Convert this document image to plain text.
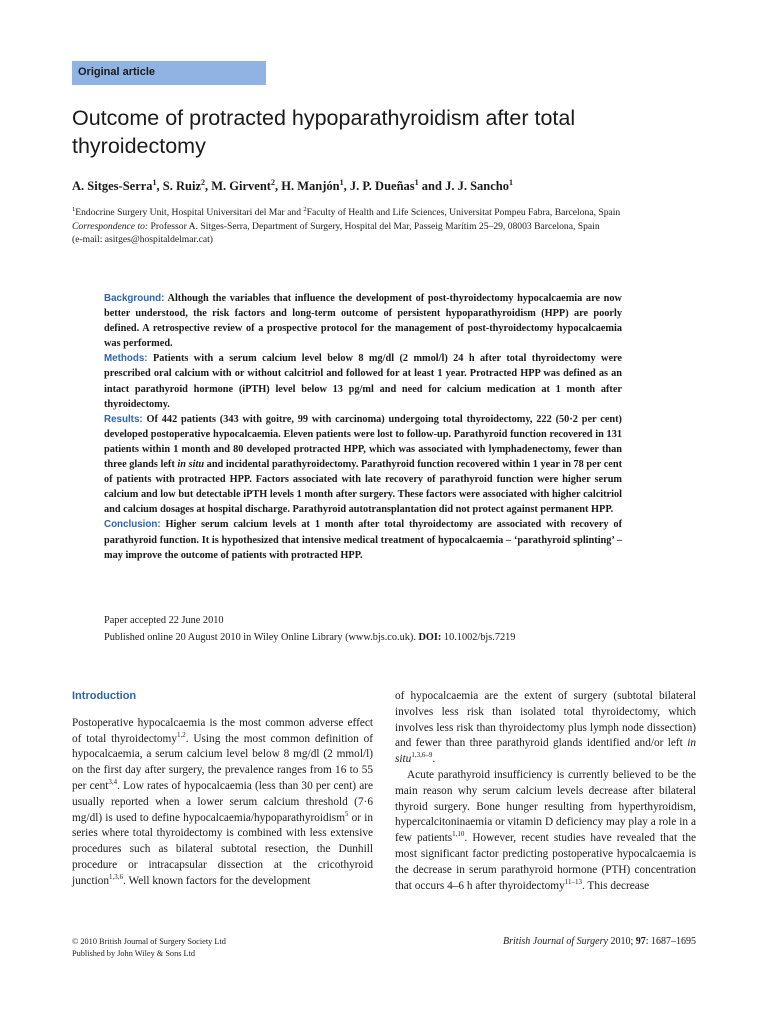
Original article
Outcome of protracted hypoparathyroidism after total thyroidectomy

A. Sitges-Serra$^1$, S. Ruiz$^2$, M. Girvent$^2$, H. Manjón$^1$, J. P. Dueñas$^1$ and J. J. Sancho$^1$

$^1$Endocrine Surgery Unit, Hospital Universitari del Mar and $^2$Faculty of Health and Life Sciences, Universitat Pompeu Fabra, Barcelona, Spain

Correspondence to: Professor A. Sitges-Serra, Department of Surgery, Hospital del Mar, Passeig Marítim 25–29, 08003 Barcelona, Spain

(e-mail: asitges@hospitaldelmar.cat)

Background: Although the variables that influence the development of post-thyroidectomy hypocalcaemia are now better understood, the risk factors and long-term outcome of persistent hypoparathyroidism (HPP) are poorly defined. A retrospective review of a prospective protocol for the management of post-thyroidectomy hypocalcaemia was performed.

Methods: Patients with a serum calcium level below 8 mg/dl (2 mmol/l) 24 h after total thyroidectomy were prescribed oral calcium with or without calcitriol and followed for at least 1 year. Protracted HPP was defined as an intact parathyroid hormone (iPTH) level below 13 pg/ml and need for calcium medication at 1 month after thyroidectomy.

Results: Of 442 patients (343 with goitre, 99 with carcinoma) undergoing total thyroidectomy, 222 (50·2 per cent) developed postoperative hypocalcaemia. Eleven patients were lost to follow-up. Parathyroid function recovered in 131 patients within 1 month and 80 developed protracted HPP, which was associated with lymphadenectomy, fewer than three glands left in situ and incidental parathyroidectomy. Parathyroid function recovered within 1 year in 78 per cent of patients with protracted HPP. Factors associated with late recovery of parathyroid function were higher serum calcium and low but detectable iPTH levels 1 month after surgery. These factors were associated with higher calcitriol and calcium dosages at hospital discharge. Parathyroid autotransplantation did not protect against permanent HPP.

Conclusion: Higher serum calcium levels at 1 month after total thyroidectomy are associated with recovery of parathyroid function. It is hypothesized that intensive medical treatment of hypocalcaemia – ‘parathyroid splinting’ – may improve the outcome of patients with protracted HPP.

Paper accepted 22 June 2010

Published online 20 August 2010 in Wiley Online Library (www.bjs.co.uk). DOI: 10.1002/bjs.7219

Introduction

Postoperative hypocalcaemia is the most common adverse effect of total thyroidectomy$^{1,2}$. Using the most common definition of hypocalcaemia, a serum calcium level below 8 mg/dl (2 mmol/l) on the first day after surgery, the prevalence ranges from 16 to 55 per cent$^{3,4}$. Low rates of hypocalcaemia (less than 30 per cent) are usually reported when a lower serum calcium threshold (7·6 mg/dl) is used to define hypocalcaemia/hypoparathyroidism$^5$ or in series where total thyroidectomy is combined with less extensive procedures such as bilateral subtotal resection, the Dunhill procedure or intracapsular dissection at the cricothyroid junction$^{1,3,6}$. Well known factors for the development

of hypocalcaemia are the extent of surgery (subtotal bilateral involves less risk than isolated total thyroidectomy, which involves less risk than thyroidectomy plus lymph node dissection) and fewer than three parathyroid glands identified and/or left in situ$^{1,3,6-9}$.

Acute parathyroid insufficiency is currently believed to be the main reason why serum calcium levels decrease after bilateral thyroid surgery. Bone hunger resulting from hyperthyroidism, hypercalcitoninaemia or vitamin D deficiency may play a role in a few patients$^{1,10}$. However, recent studies have revealed that the most significant factor predicting postoperative hypocalcaemia is the decrease in serum parathyroid hormone (PTH) concentration that occurs 4–6 h after thyroidectomy$^{11-13}$. This decrease

© 2010 British Journal of Surgery Society Ltd

Published by John Wiley & Sons Ltd

British Journal of Surgery 2010; 97: 1687–1695
